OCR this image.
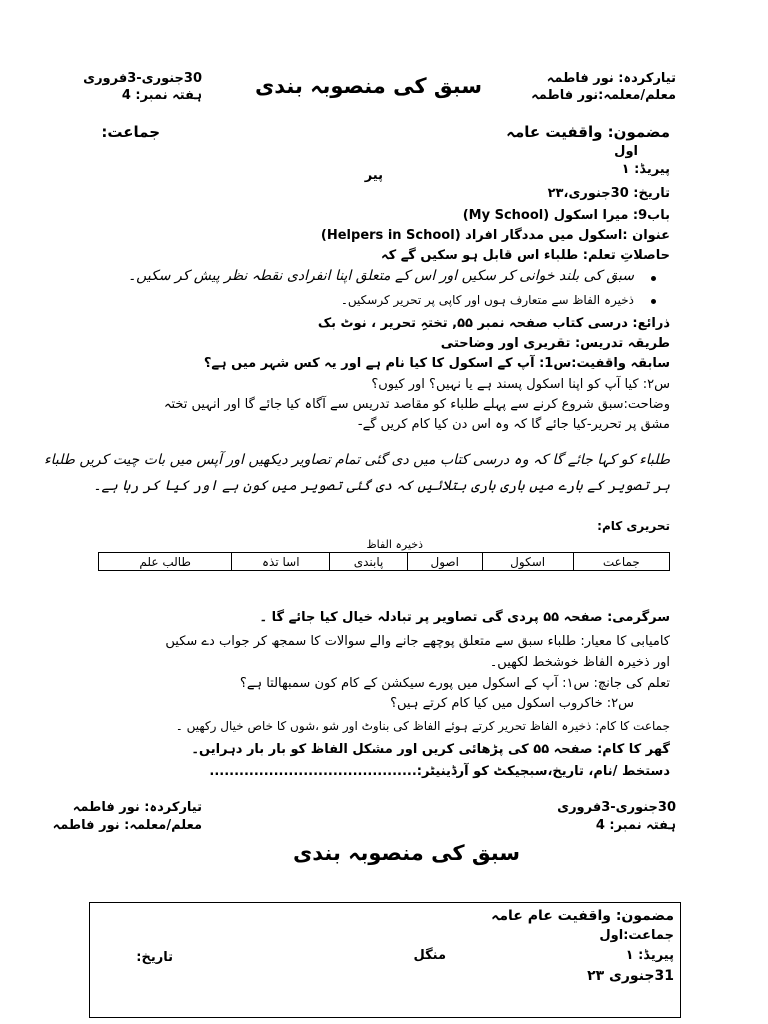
تیارکردہ: نور فاطمہ
معلم/معلمہ:نور فاطمہ
سبق کی منصوبہ بندی
30جنوری-3فروری
ہفتہ نمبر: 4
مضمون: واقفیت عامہ
جماعت:
اول
پیریڈ: ۱
پیر
تاریخ: 30جنوری،۲۳
باب9: میرا اسکول (My School)
عنوان :اسکول میں مددگار افراد (Helpers in School)
حاصلاتِ تعلم: طلباء اس قابل ہو سکیں گے کہ
سبق کی بلند خوانی کر سکیں اور اس کے متعلق اپنا انفرادی نقطہ نظر پیش کر سکیں۔
ذخیرہ الفاظ سے متعارف ہوں اور کاپی پر تحریر کرسکیں۔
ذرائع: درسی کتاب صفحہ نمبر ۵۵, تختہِ تحریر ، نوٹ بک
طریقہ تدریس: تقریری اور وضاحتی
سابقہ واقفیت:س1: آپ کے اسکول کا کیا نام ہے اور یہ کس شہر میں ہے؟
س۲: کیا آپ کو اپنا اسکول پسند ہے یا نہیں؟ اور کیوں؟
وضاحت:سبق شروع کرنے سے پہلے طلباء کو مقاصد تدریس سے آگاہ کیا جائے گا اور انہیں تختہ
مشق پر تحریر-کیا جائے گا کہ وہ اس دن کیا کام کریں گے-
طلباء کو کہا جائے گا کہ وہ درسی کتاب میں دی گئی تمام تصاویر دیکھیں اور آپس میں بات چیت کریں طلباء
ہر تصویر کے بارے میں باری باری بتلائیں کہ دی گئی تصویر میں کون ہے اور کیا کر رہا ہے۔
تحریری کام:
ذخیرہ الفاظ
جماعت	اسکول	اصول	پابندی	اسا تذہ	طالب علم
سرگرمی: صفحہ ۵۵ پردی گی تصاویر پر تبادلہ خیال کیا جائے گا ۔
کامیابی کا معیار: طلباء سبق سے متعلق پوچھے جانے والے سوالات کا سمجھ کر جواب دے سکیں
اور ذخیرہ الفاظ خوشخط لکھیں۔
تعلم کی جانچ: س۱: آپ کے اسکول میں پورے سیکشن کے کام کون سمبھالتا ہے؟
س۲: خاکروب اسکول میں کیا کام کرتے ہیں؟
جماعت کا کام: ذخیرہ الفاظ تحریر کرتے ہوئے الفاظ کی بناوٹ اور شو ،شوں کا خاص خیال رکھیں ۔
گھر کا کام: صفحہ ۵۵ کی پڑھائی کریں اور مشکل الفاظ کو بار بار دہرایں۔
دستخط /نام، تاریخ،سبجیکٹ کو آرڈینیٹر:..........................................
تیارکردہ: نور فاطمہ
معلم/معلمہ: نور فاطمہ
30جنوری-3فروری
ہفتہ نمبر: 4
سبق کی منصوبہ بندی
مضمون: واقفیت عام عامہ
جماعت:اول
پیریڈ: ۱
منگل
تاریخ:
31جنوری ۲۳
